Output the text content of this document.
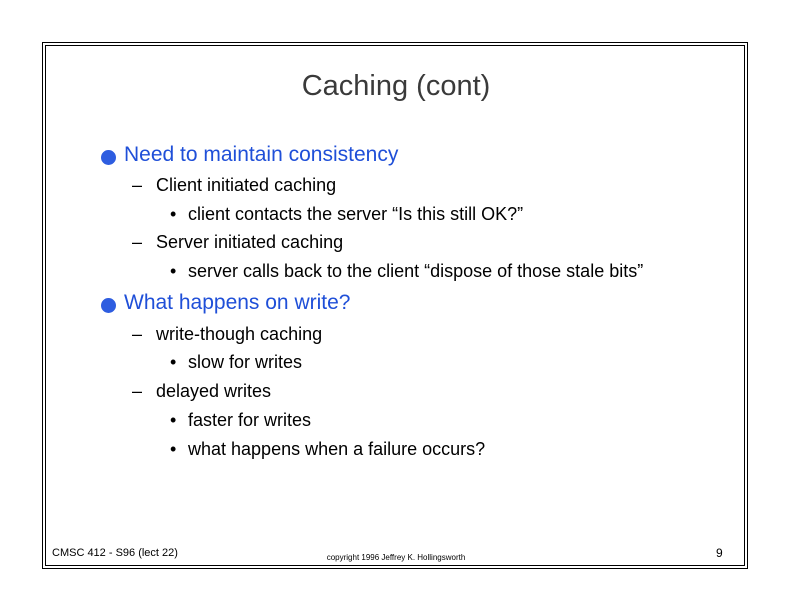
Caching (cont)
Need to maintain consistency
– Client initiated caching
• client contacts the server “Is this still OK?”
– Server initiated caching
• server calls back to the client “dispose of those stale bits”
What happens on write?
– write-though caching
• slow for writes
– delayed writes
• faster for writes
• what happens when a failure occurs?
CMSC 412 - S96 (lect 22)	copyright 1996 Jeffrey K. Hollingsworth	9
